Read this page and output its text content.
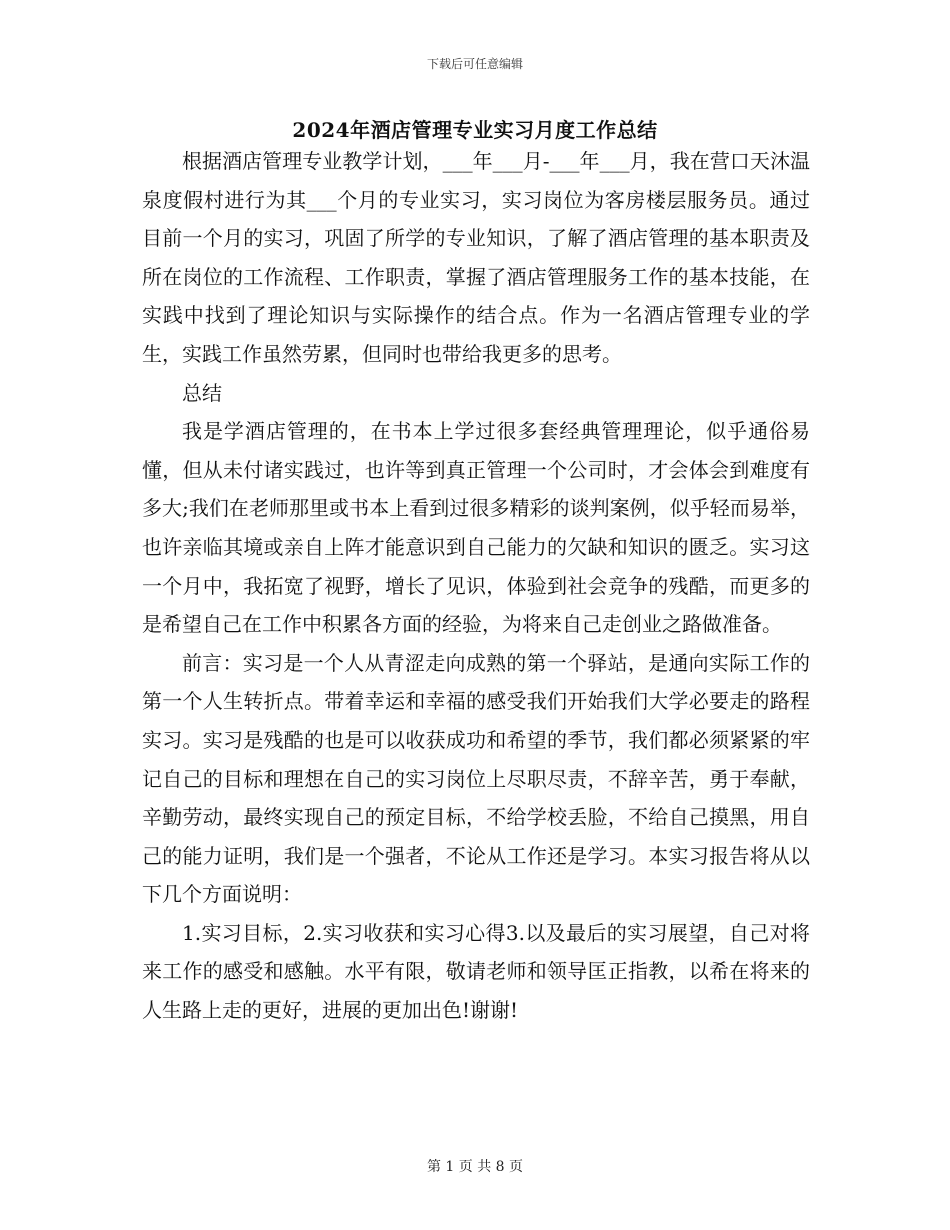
下载后可任意编辑
2024年酒店管理专业实习月度工作总结

根据酒店管理专业教学计划，___年___月-___年___月，我在营口天沐温泉度假村进行为其___个月的专业实习，实习岗位为客房楼层服务员。通过目前一个月的实习，巩固了所学的专业知识，了解了酒店管理的基本职责及所在岗位的工作流程、工作职责，掌握了酒店管理服务工作的基本技能，在实践中找到了理论知识与实际操作的结合点。作为一名酒店管理专业的学生，实践工作虽然劳累，但同时也带给我更多的思考。

总结

我是学酒店管理的，在书本上学过很多套经典管理理论，似乎通俗易懂，但从未付诸实践过，也许等到真正管理一个公司时，才会体会到难度有多大;我们在老师那里或书本上看到过很多精彩的谈判案例，似乎轻而易举，也许亲临其境或亲自上阵才能意识到自己能力的欠缺和知识的匮乏。实习这一个月中，我拓宽了视野，增长了见识，体验到社会竞争的残酷，而更多的是希望自己在工作中积累各方面的经验，为将来自己走创业之路做准备。

前言：实习是一个人从青涩走向成熟的第一个驿站，是通向实际工作的第一个人生转折点。带着幸运和幸福的感受我们开始我们大学必要走的路程实习。实习是残酷的也是可以收获成功和希望的季节，我们都必须紧紧的牢记自己的目标和理想在自己的实习岗位上尽职尽责，不辞辛苦，勇于奉献，辛勤劳动，最终实现自己的预定目标，不给学校丢脸，不给自己摸黑，用自己的能力证明，我们是一个强者，不论从工作还是学习。本实习报告将从以下几个方面说明：

1.实习目标，2.实习收获和实习心得3.以及最后的实习展望，自己对将来工作的感受和感触。水平有限，敬请老师和领导匡正指教，以希在将来的人生路上走的更好，进展的更加出色!谢谢!

第 1 页 共 8 页
